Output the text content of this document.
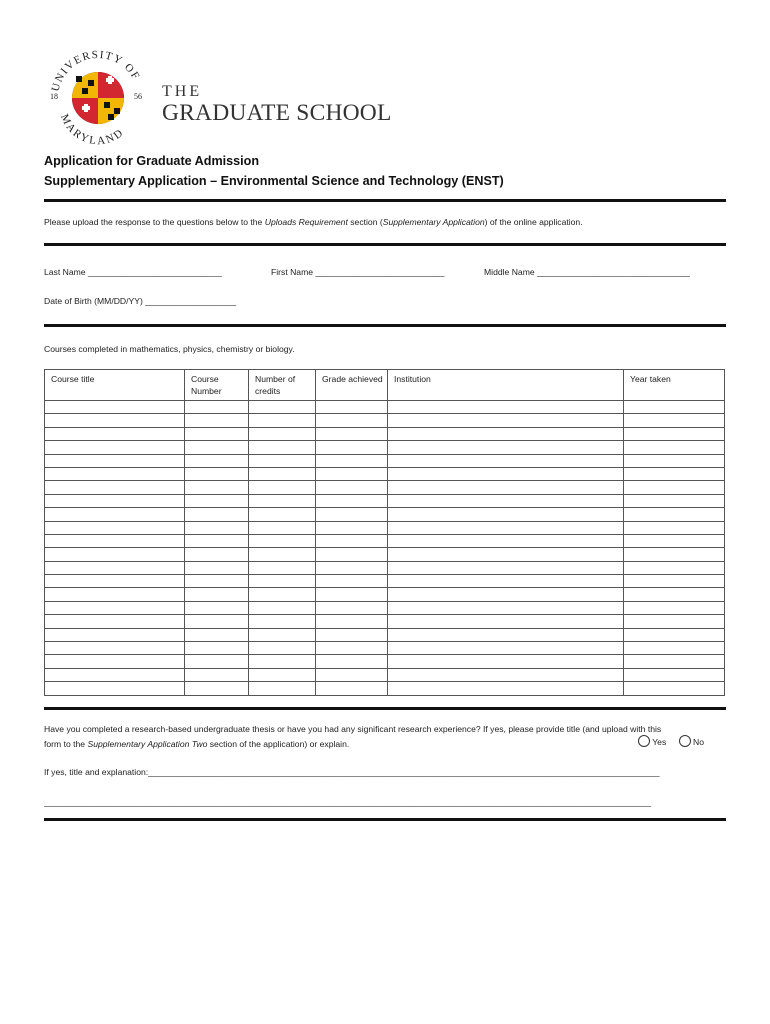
UNIVERSITY OF
MARYLAND
18	56 THE
GRADUATE SCHOOL
Application for Graduate Admission
Supplementary Application – Environmental Science and Technology (ENST)
Please upload the response to the questions below to the Uploads Requirement section (Supplementary Application) of the online application.
Last Name ____________________________	First Name ___________________________	Middle Name ________________________________
Date of Birth (MM/DD/YY) ___________________
Courses completed in mathematics, physics, chemistry or biology.
Course title	Course Number	Number of credits	Grade achieved	Institution	Year taken

Have you completed a research-based undergraduate thesis or have you had any significant research experience? If yes, please provide title (and upload with this
form to the Supplementary Application Two section of the application) or explain.	Yes	No
If yes, title and explanation:___________________________________________________________________________________________________________
_______________________________________________________________________________________________________________________________
